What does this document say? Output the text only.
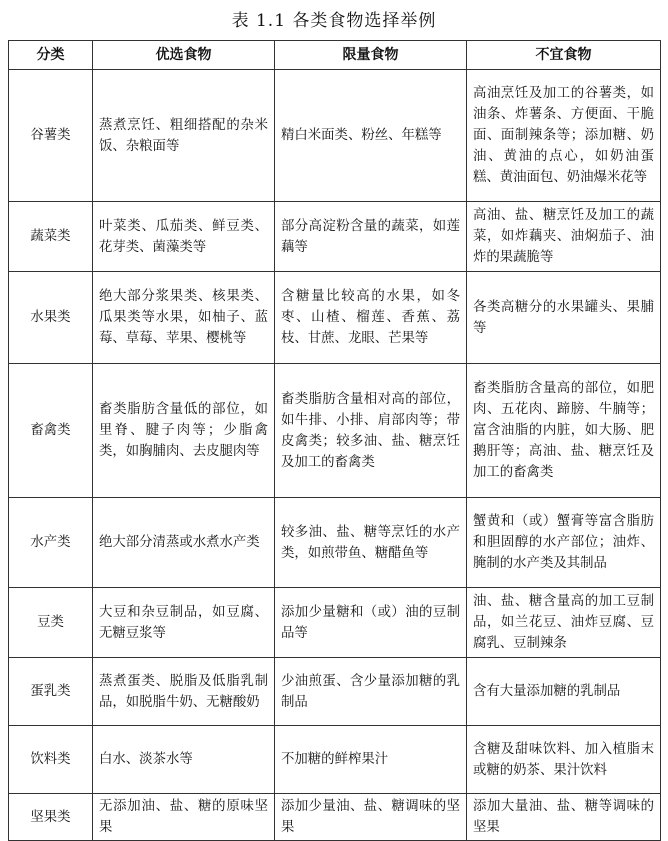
表 1.1 各类食物选择举例
分类	优选食物	限量食物	不宜食物
谷薯类	蒸煮烹饪、粗细搭配的杂米饭、杂粮面等	精白米面类、粉丝、年糕等	高油烹饪及加工的谷薯类，如油条、炸薯条、方便面、干脆面、面制辣条等；添加糖、奶油、黄油的点心，如奶油蛋糕、黄油面包、奶油爆米花等
蔬菜类	叶菜类、瓜茄类、鲜豆类、花芽类、菌藻类等	部分高淀粉含量的蔬菜，如莲藕等	高油、盐、糖烹饪及加工的蔬菜，如炸藕夹、油焖茄子、油炸的果蔬脆等
水果类	绝大部分浆果类、核果类、瓜果类等水果，如柚子、蓝莓、草莓、苹果、樱桃等	含糖量比较高的水果，如冬枣、山楂、榴莲、香蕉、荔枝、甘蔗、龙眼、芒果等	各类高糖分的水果罐头、果脯等
畜禽类	畜类脂肪含量低的部位，如里脊、腱子肉等；少脂禽类，如胸脯肉、去皮腿肉等	畜类脂肪含量相对高的部位，如牛排、小排、肩部肉等；带皮禽类；较多油、盐、糖烹饪及加工的畜禽类	畜类脂肪含量高的部位，如肥肉、五花肉、蹄膀、牛腩等；富含油脂的内脏，如大肠、肥鹅肝等；高油、盐、糖烹饪及加工的畜禽类
水产类	绝大部分清蒸或水煮水产类	较多油、盐、糖等烹饪的水产类，如煎带鱼、糖醋鱼等	蟹黄和（或）蟹膏等富含脂肪和胆固醇的水产部位；油炸、腌制的水产类及其制品
豆类	大豆和杂豆制品，如豆腐、无糖豆浆等	添加少量糖和（或）油的豆制品等	油、盐、糖含量高的加工豆制品，如兰花豆、油炸豆腐、豆腐乳、豆制辣条
蛋乳类	蒸煮蛋类、脱脂及低脂乳制品，如脱脂牛奶、无糖酸奶	少油煎蛋、含少量添加糖的乳制品	含有大量添加糖的乳制品
饮料类	白水、淡茶水等	不加糖的鲜榨果汁	含糖及甜味饮料、加入植脂末或糖的奶茶、果汁饮料
坚果类	无添加油、盐、糖的原味坚果	添加少量油、盐、糖调味的坚果	添加大量油、盐、糖等调味的坚果
